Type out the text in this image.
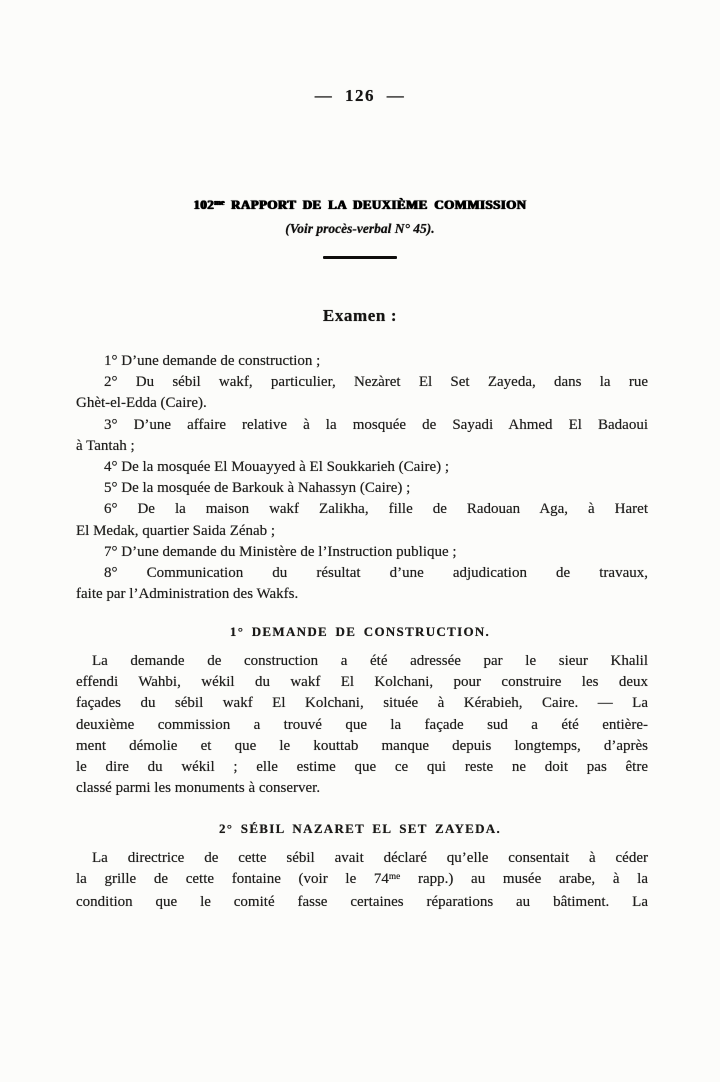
— 126 —
$102^{me}$ RAPPORT DE LA DEUXIÈME COMMISSION
(Voir procès-verbal N° 45).
Examen :
1° D’une demande de construction ;
2° Du sébil wakf, particulier, Nezàret El Set Zayeda, dans la rue
Ghèt-el-Edda (Caire).
3° D’une affaire relative à la mosquée de Sayadi Ahmed El Badaoui
à Tantah ;
4° De la mosquée El Mouayyed à El Soukkarieh (Caire) ;
5° De la mosquée de Barkouk à Nahassyn (Caire) ;
6° De la maison wakf Zalikha, fille de Radouan Aga, à Haret
El Medak, quartier Saida Zénab ;
7° D’une demande du Ministère de l’Instruction publique ;
8° Communication du résultat d’une adjudication de travaux,
faite par l’Administration des Wakfs.
1° DEMANDE DE CONSTRUCTION.
La demande de construction a été adressée par le sieur Khalil
effendi Wahbi, wékil du wakf El Kolchani, pour construire les deux
façades du sébil wakf El Kolchani, située à Kérabieh, Caire. — La
deuxième commission a trouvé que la façade sud a été entière-
ment démolie et que le kouttab manque depuis longtemps, d’après
le dire du wékil ; elle estime que ce qui reste ne doit pas être
classé parmi les monuments à conserver.
2° SÉBIL NAZARET EL SET ZAYEDA.
La directrice de cette sébil avait déclaré qu’elle consentait à céder
la grille de cette fontaine (voir le $74^{me}$ rapp.) au musée arabe, à la
condition que le comité fasse certaines réparations au bâtiment. La
